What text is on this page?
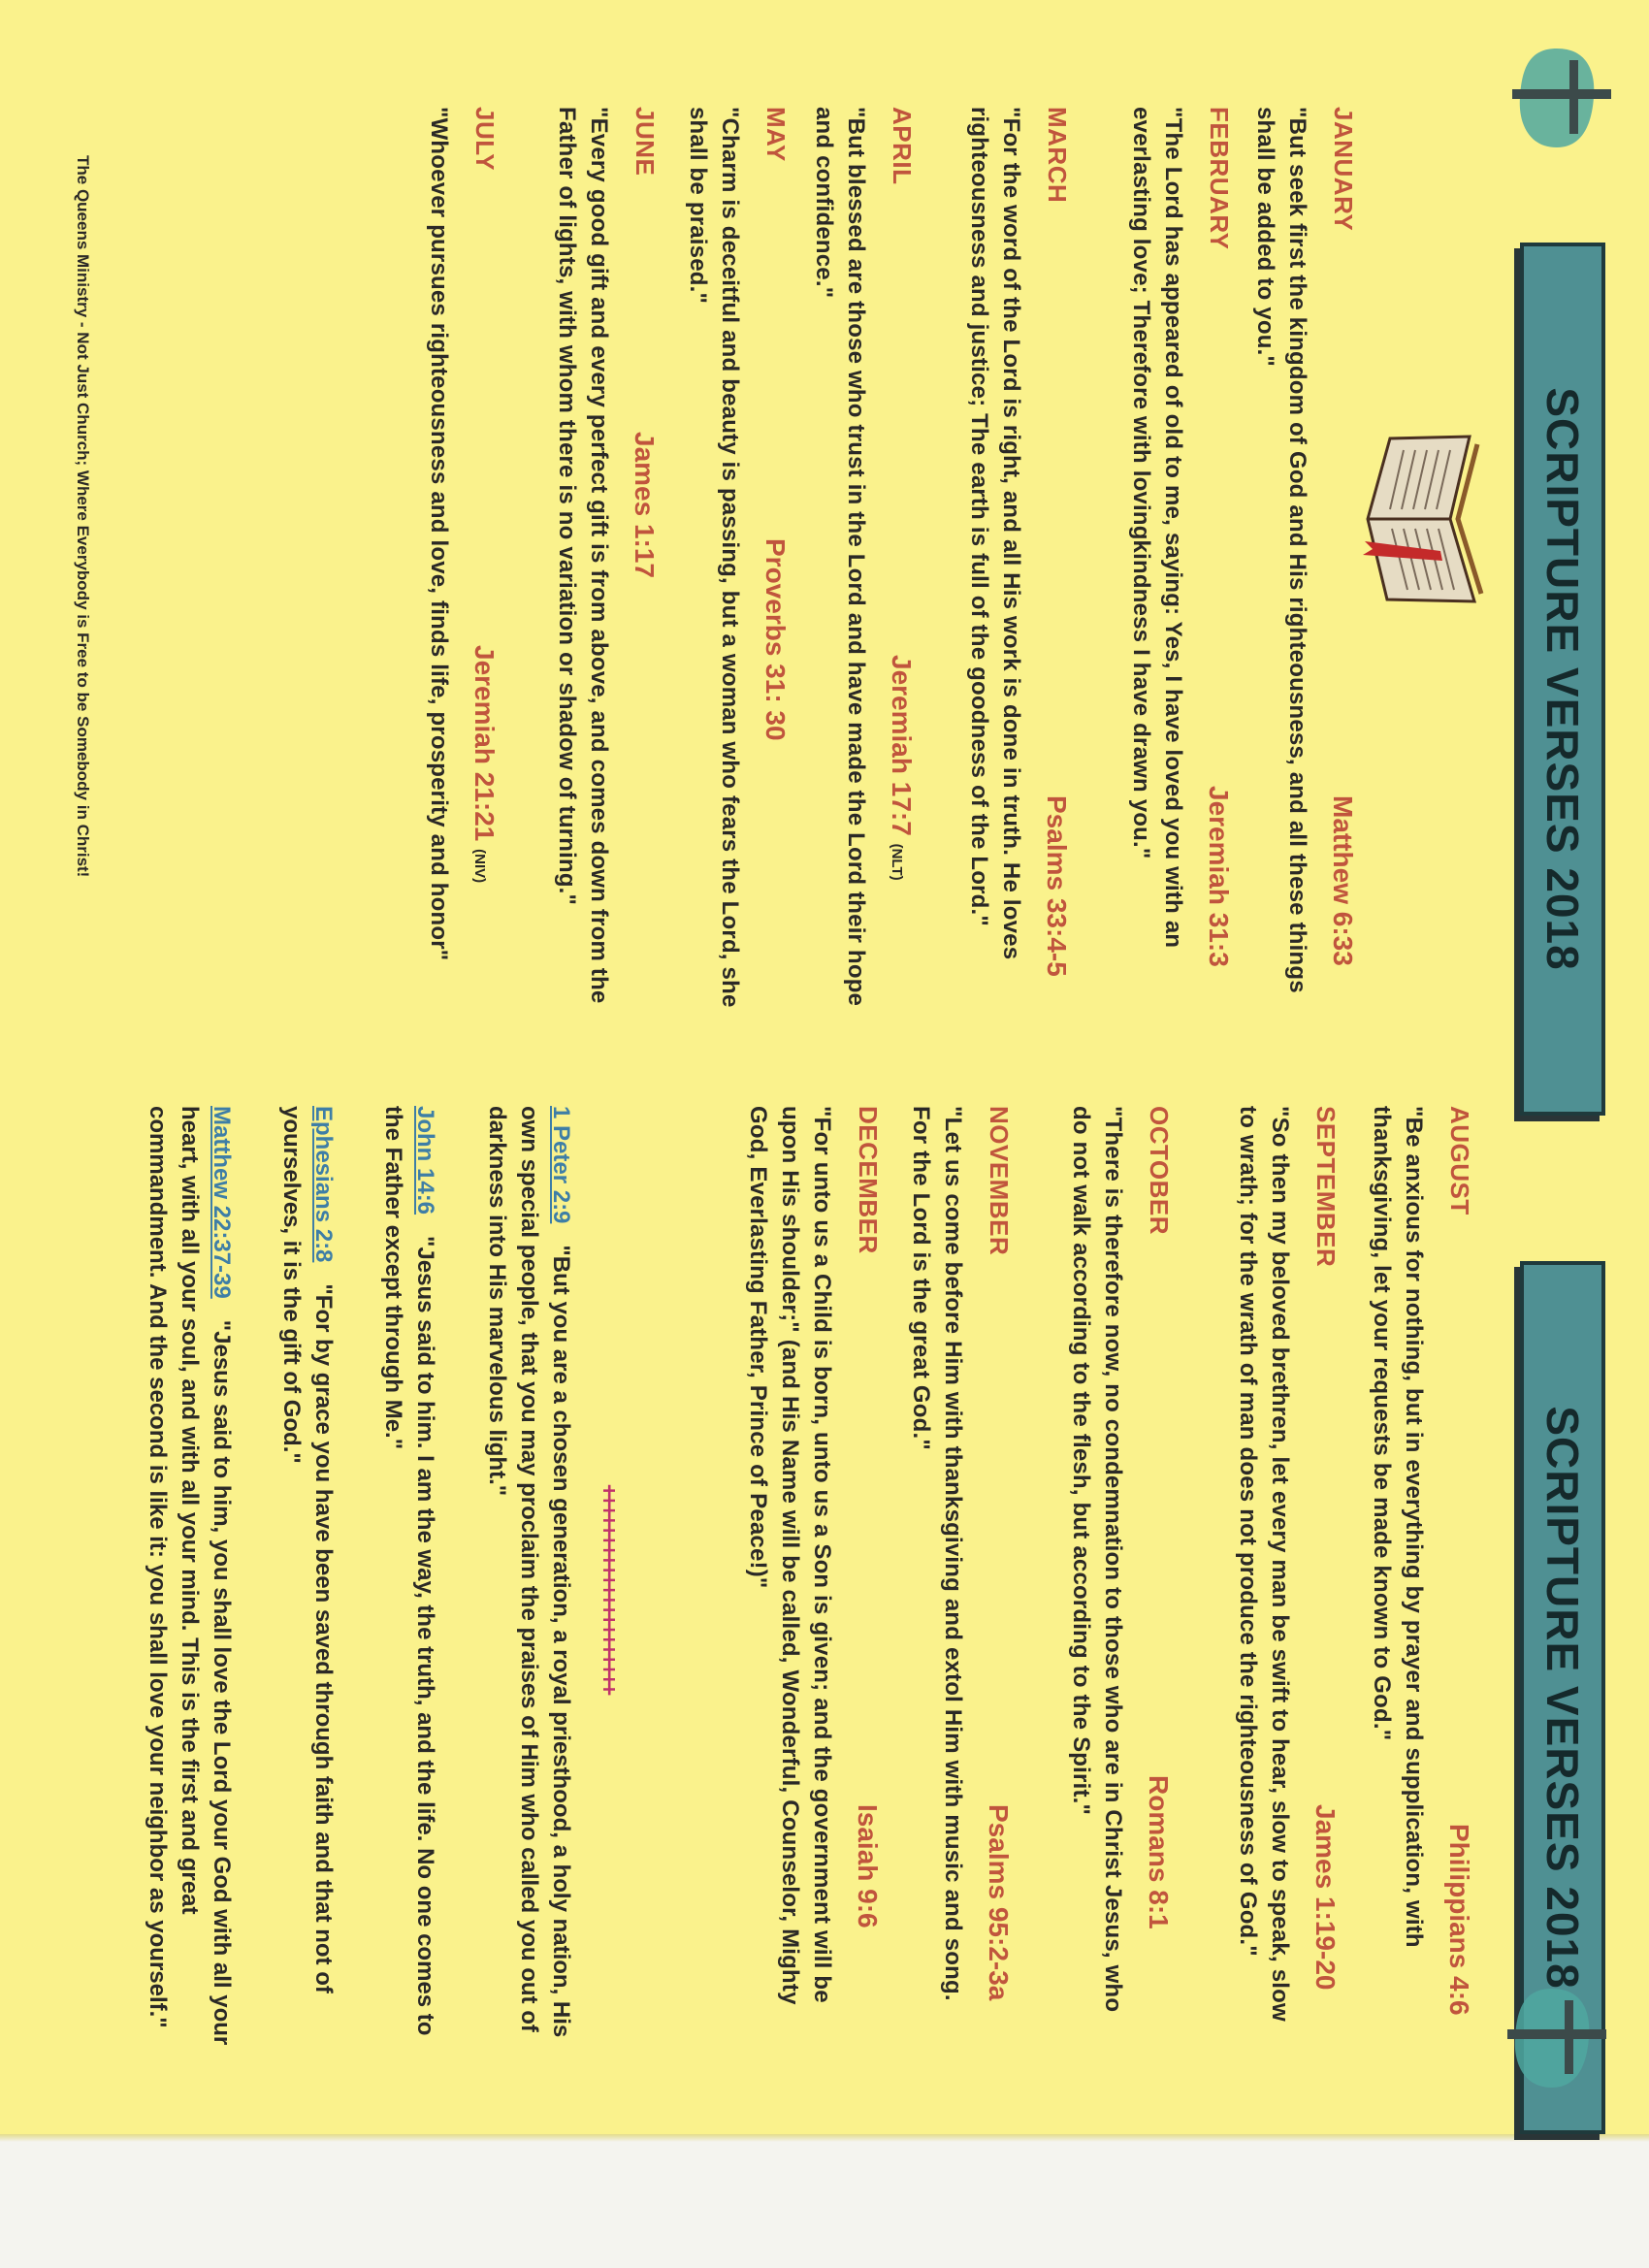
SCRIPTURE VERSES 2018
JANUARY
Matthew 6:33
"But seek first the kingdom of God and His righteousness, and all these things shall be added to you."
FEBRUARY
Jeremiah 31:3
"The Lord has appeared of old to me, saying: Yes, I have loved you with an everlasting love; Therefore with lovingkindness I have drawn you."
MARCH
Psalms 33:4-5
"For the word of the Lord is right, and all His work is done in truth. He loves righteousness and justice; The earth is full of the goodness of the Lord."
APRIL
Jeremiah 17:7 (NLT)
"But blessed are those who trust in the Lord and have made the Lord their hope and confidence."
MAY
Proverbs 31: 30
"Charm is deceitful and beauty is passing, but a woman who fears the Lord, she shall be praised."
JUNE
James 1:17
"Every good gift and every perfect gift is from above, and comes down from the Father of lights, with whom there is no variation or shadow of turning."
JULY
Jeremiah 21:21 (NIV)
"Whoever pursues righteousness and love, finds life, prosperity and honor"
The Queens Ministry - Not Just Church; Where Everybody is Free to be Somebody in Christ!
SCRIPTURE VERSES 2018
AUGUST
Philippians 4:6
"Be anxious for nothing, but in everything by prayer and supplication, with thanksgiving, let your requests be made known to God."
SEPTEMBER
James 1:19-20
"So then my beloved brethren, let every man be swift to hear, slow to speak, slow to wrath; for the wrath of man does not produce the righteousness of God."
OCTOBER
Romans 8:1
"There is therefore now, no condemnation to those who are in Christ Jesus, who do not walk according to the flesh, but according to the Spirit."
NOVEMBER
Psalms 95:2-3a
"Let us come before Him with thanksgiving and extol Him with music and song. For the Lord is the great God."
DECEMBER
Isaiah 9:6
"For unto us a Child is born, unto us a Son is given; and the government will be upon His shoulder;" (and His Name will be called, Wonderful, Counselor, Mighty God, Everlasting Father, Prince of Peace!)"
+++++++++++++++++++++
1 Peter 2:9"But you are a chosen generation, a royal priesthood, a holy nation, His own special people, that you may proclaim the praises of Him who called you out of darkness into His marvelous light."
John 14:6"Jesus said to him. I am the way, the truth, and the life. No one comes to the Father except through Me."
Ephesians 2:8"For by grace you have been saved through faith and that not of yourselves, it is the gift of God."
Matthew 22:37-39"Jesus said to him, you shall love the Lord your God with all your heart, with all your soul, and with all your mind. This is the first and great commandment. And the second is like it: you shall love your neighbor as yourself."
